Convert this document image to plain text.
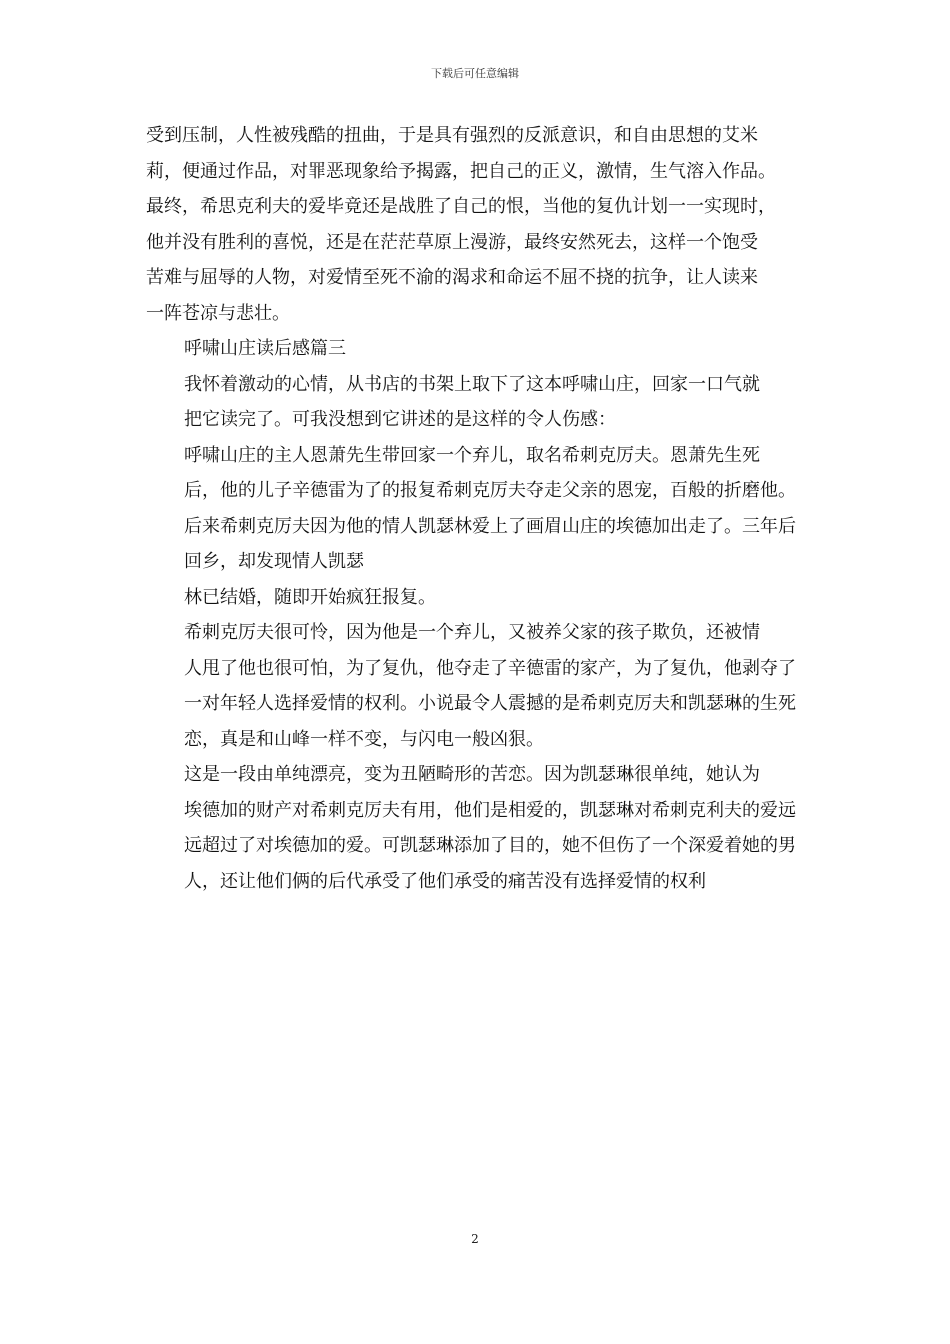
下载后可任意编辑

受到压制，人性被残酷的扭曲，于是具有强烈的反派意识，和自由思想的艾米
莉，便通过作品，对罪恶现象给予揭露，把自己的正义，激情，生气溶入作品。
最终，希思克利夫的爱毕竟还是战胜了自己的恨，当他的复仇计划一一实现时，
他并没有胜利的喜悦，还是在茫茫草原上漫游，最终安然死去，这样一个饱受
苦难与屈辱的人物，对爱情至死不渝的渴求和命运不屈不挠的抗争，让人读来
一阵苍凉与悲壮。

呼啸山庄读后感篇三

我怀着激动的心情，从书店的书架上取下了这本呼啸山庄，回家一口气就
把它读完了。可我没想到它讲述的是这样的令人伤感：

呼啸山庄的主人恩萧先生带回家一个弃儿，取名希刺克厉夫。恩萧先生死
后，他的儿子辛德雷为了的报复希刺克厉夫夺走父亲的恩宠，百般的折磨他。
后来希刺克厉夫因为他的情人凯瑟林爱上了画眉山庄的埃德加出走了。三年后
回乡，却发现情人凯瑟

林已结婚，随即开始疯狂报复。

希刺克厉夫很可怜，因为他是一个弃儿，又被养父家的孩子欺负，还被情
人甩了他也很可怕，为了复仇，他夺走了辛德雷的家产，为了复仇，他剥夺了
一对年轻人选择爱情的权利。小说最令人震撼的是希刺克厉夫和凯瑟琳的生死
恋，真是和山峰一样不变，与闪电一般凶狠。

这是一段由单纯漂亮，变为丑陋畸形的苦恋。因为凯瑟琳很单纯，她认为
埃德加的财产对希刺克厉夫有用，他们是相爱的，凯瑟琳对希刺克利夫的爱远
远超过了对埃德加的爱。可凯瑟琳添加了目的，她不但伤了一个深爱着她的男
人，还让他们俩的后代承受了他们承受的痛苦没有选择爱情的权利

2
